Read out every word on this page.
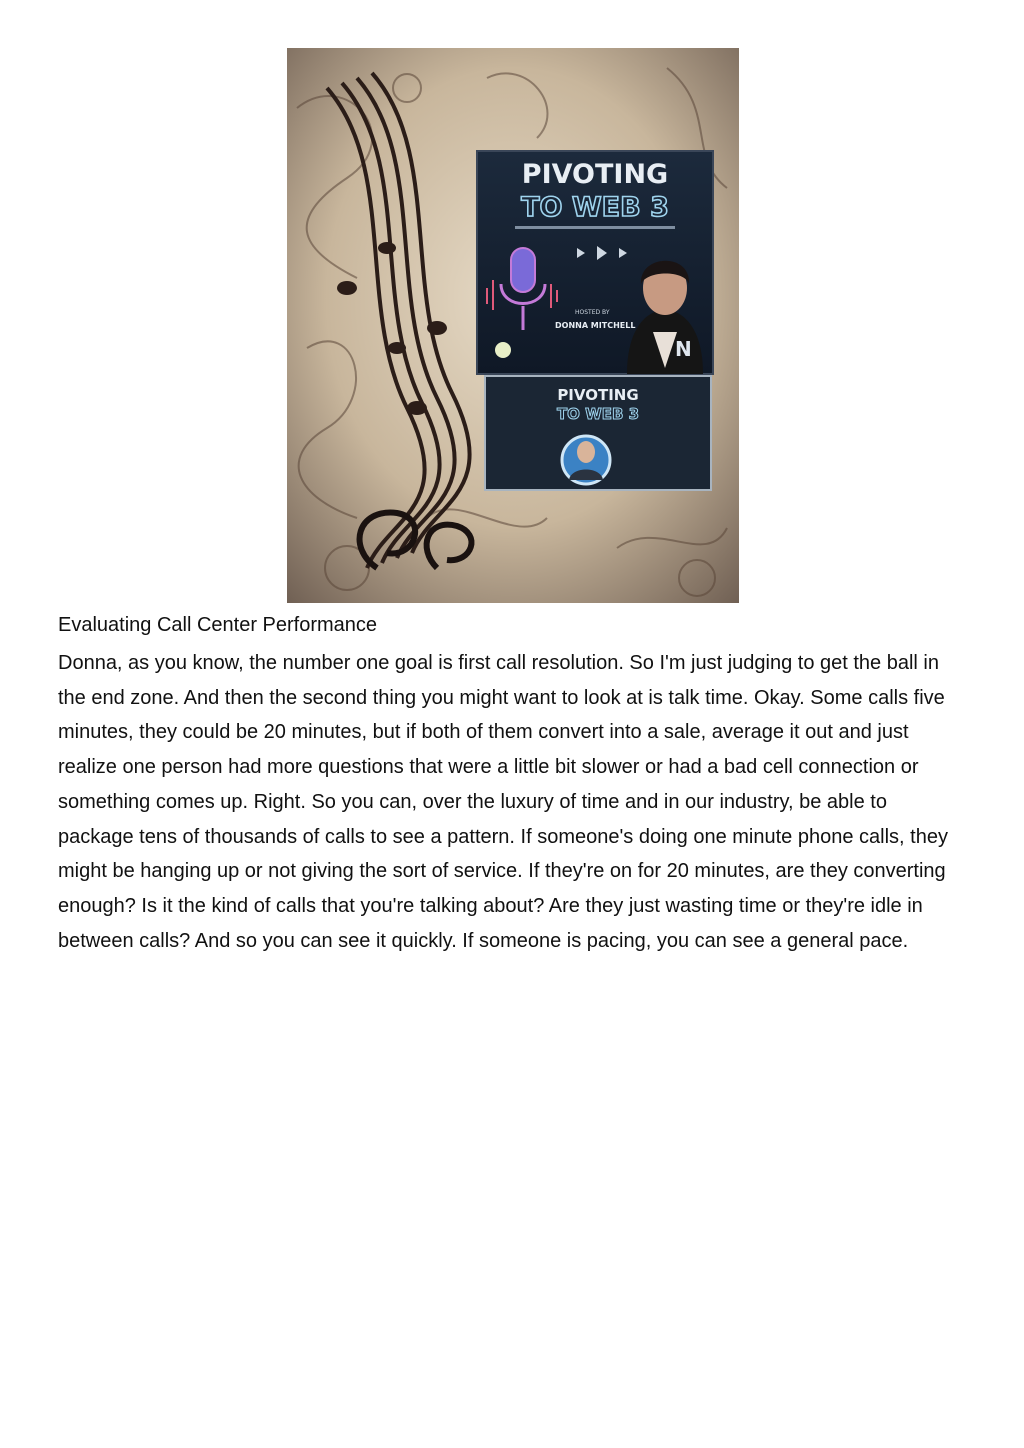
PIVOTING
TO WEB 3
HOSTED BY
DONNA MITCHELL
N
PIVOTING
TO WEB 3
Evaluating Call Center Performance

Donna, as you know, the number one goal is first call resolution. So I'm just judging to get the ball in the end zone. And then the second thing you might want to look at is talk time. Okay. Some calls five minutes, they could be 20 minutes, but if both of them convert into a sale, average it out and just realize one person had more questions that were a little bit slower or had a bad cell connection or something comes up. Right. So you can, over the luxury of time and in our industry, be able to package tens of thousands of calls to see a pattern. If someone's doing one minute phone calls, they might be hanging up or not giving the sort of service. If they're on for 20 minutes, are they converting enough? Is it the kind of calls that you're talking about? Are they just wasting time or they're idle in between calls? And so you can see it quickly. If someone is pacing, you can see a general pace.
